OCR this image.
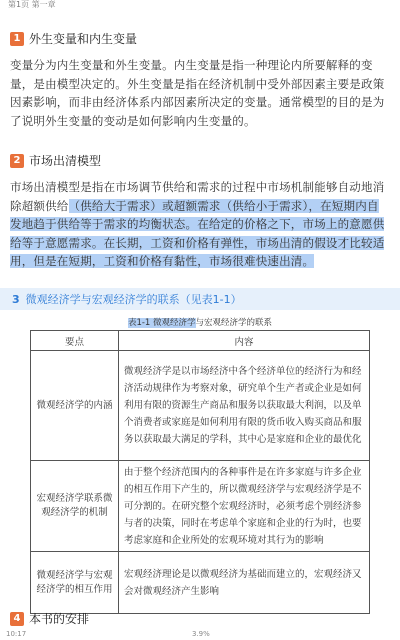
第1页 第一章
1 外生变量和内生变量
变量分为内生变量和外生变量。内生变量是指一种理论内所要解释的变量，是由模型决定的。外生变量是指在经济机制中受外部因素主要是政策因素影响，而非由经济体系内部因素所决定的变量。通常模型的目的是为了说明外生变量的变动是如何影响内生变量的。
2 市场出清模型
市场出清模型是指在市场调节供给和需求的过程中市场机制能够自动地消除超额供给（供给大于需求）或超额需求（供给小于需求），在短期内自发地趋于供给等于需求的均衡状态。在给定的价格之下，市场上的意愿供给等于意愿需求。在长期，工资和价格有弹性，市场出清的假设才比较适用，但是在短期，工资和价格有黏性，市场很难快速出清。
3 微观经济学与宏观经济学的联系（见表1-1）
表1-1 微观经济学与宏观经济学的联系
要点	内容
微观经济学的内涵	微观经济学是以市场经济中各个经济单位的经济行为和经济活动规律作为考察对象，研究单个生产者或企业是如何利用有限的资源生产商品和服务以获取最大利润，以及单个消费者或家庭是如何利用有限的货币收入购买商品和服务以获取最大满足的学科，其中心是家庭和企业的最优化
宏观经济学联系微观经济学的机制	由于整个经济范围内的各种事件是在许多家庭与许多企业的相互作用下产生的，所以微观经济学与宏观经济学是不可分割的。在研究整个宏观经济时，必须考虑个别经济参与者的决策，同时在考虑单个家庭和企业的行为时，也要考虑家庭和企业所处的宏观环境对其行为的影响
微观经济学与宏观经济学的相互作用	宏观经济理论是以微观经济为基础而建立的，宏观经济又会对微观经济产生影响
4 本书的安排
10:17	3.9%
